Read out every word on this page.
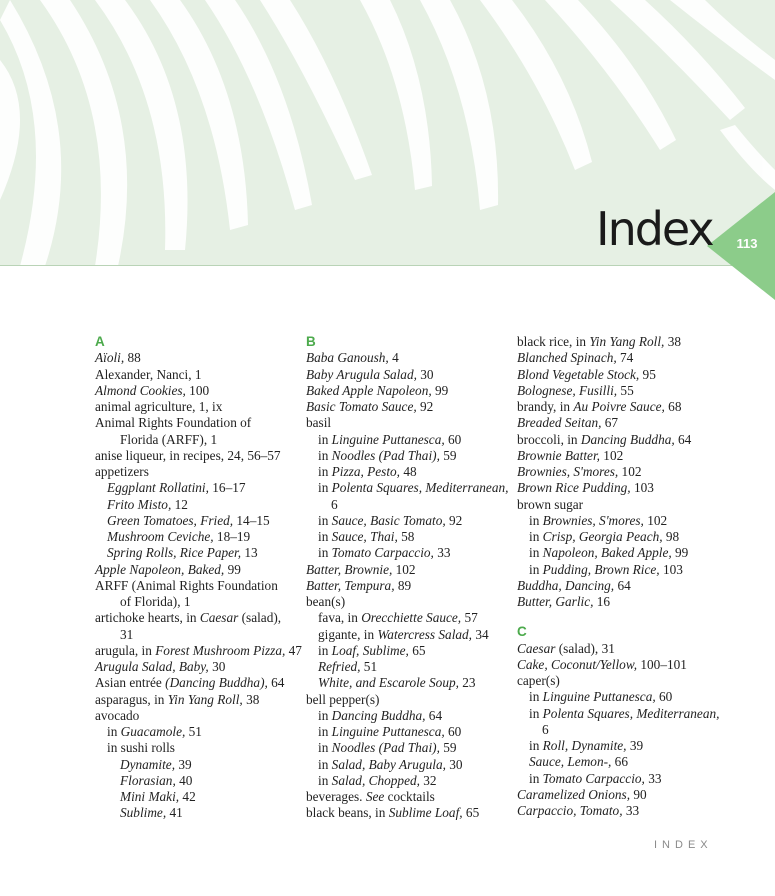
113
Index
A
Aïoli, 88
Alexander, Nanci, 1
Almond Cookies, 100
animal agriculture, 1, ix
Animal Rights Foundation of
Florida (ARFF), 1
anise liqueur, in recipes, 24, 56–57
appetizers
Eggplant Rollatini, 16–17
Frito Misto, 12
Green Tomatoes, Fried, 14–15
Mushroom Ceviche, 18–19
Spring Rolls, Rice Paper, 13
Apple Napoleon, Baked, 99
ARFF (Animal Rights Foundation
of Florida), 1
artichoke hearts, in Caesar (salad),
31
arugula, in Forest Mushroom Pizza, 47
Arugula Salad, Baby, 30
Asian entrée (Dancing Buddha), 64
asparagus, in Yin Yang Roll, 38
avocado
in Guacamole, 51
in sushi rolls
Dynamite, 39
Florasian, 40
Mini Maki, 42
Sublime, 41
B
Baba Ganoush, 4
Baby Arugula Salad, 30
Baked Apple Napoleon, 99
Basic Tomato Sauce, 92
basil
in Linguine Puttanesca, 60
in Noodles (Pad Thai), 59
in Pizza, Pesto, 48
in Polenta Squares, Mediterranean,
6
in Sauce, Basic Tomato, 92
in Sauce, Thai, 58
in Tomato Carpaccio, 33
Batter, Brownie, 102
Batter, Tempura, 89
bean(s)
fava, in Orecchiette Sauce, 57
gigante, in Watercress Salad, 34
in Loaf, Sublime, 65
Refried, 51
White, and Escarole Soup, 23
bell pepper(s)
in Dancing Buddha, 64
in Linguine Puttanesca, 60
in Noodles (Pad Thai), 59
in Salad, Baby Arugula, 30
in Salad, Chopped, 32
beverages. See cocktails
black beans, in Sublime Loaf, 65
black rice, in Yin Yang Roll, 38
Blanched Spinach, 74
Blond Vegetable Stock, 95
Bolognese, Fusilli, 55
brandy, in Au Poivre Sauce, 68
Breaded Seitan, 67
broccoli, in Dancing Buddha, 64
Brownie Batter, 102
Brownies, S'mores, 102
Brown Rice Pudding, 103
brown sugar
in Brownies, S'mores, 102
in Crisp, Georgia Peach, 98
in Napoleon, Baked Apple, 99
in Pudding, Brown Rice, 103
Buddha, Dancing, 64
Butter, Garlic, 16
C
Caesar (salad), 31
Cake, Coconut/Yellow, 100–101
caper(s)
in Linguine Puttanesca, 60
in Polenta Squares, Mediterranean,
6
in Roll, Dynamite, 39
Sauce, Lemon-, 66
in Tomato Carpaccio, 33
Caramelized Onions, 90
Carpaccio, Tomato, 33
INDEX
